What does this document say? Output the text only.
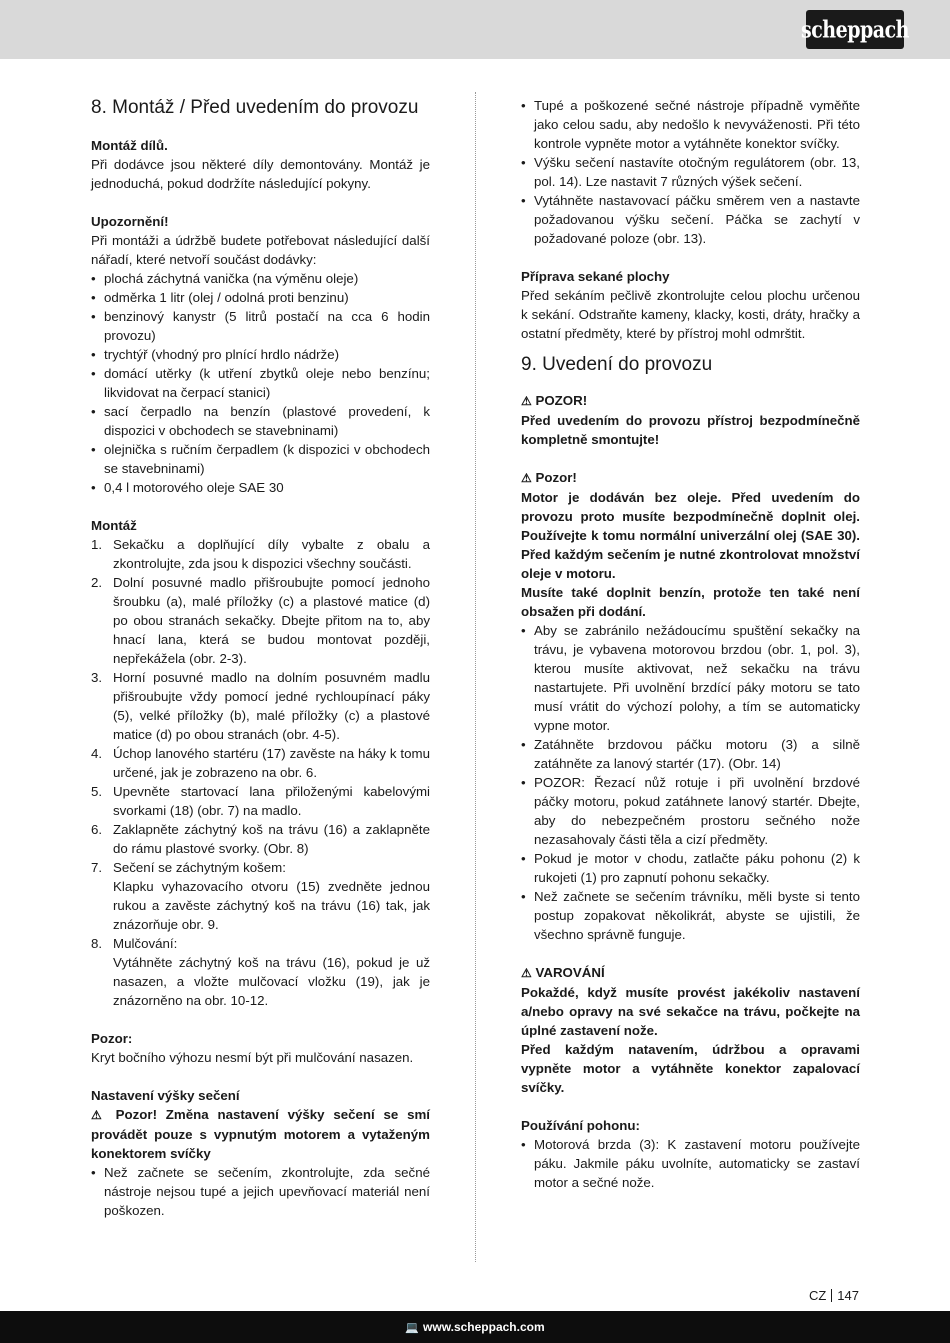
scheppach
8. Montáž / Před uvedením do provozu

Montáž dílů.

Při dodávce jsou některé díly demontovány. Montáž je jednoduchá, pokud dodržíte následující pokyny.

Upozornění!

Při montáži a údržbě budete potřebovat následující další nářadí, které netvoří součást dodávky:

• plochá záchytná vanička (na výměnu oleje)
• odměrka 1 litr (olej / odolná proti benzinu)
• benzinový kanystr (5 litrů postačí na cca 6 hodin provozu)
• trychtýř (vhodný pro plnící hrdlo nádrže)
• domácí utěrky (k utření zbytků oleje nebo benzínu; likvidovat na čerpací stanici)
• sací čerpadlo na benzín (plastové provedení, k dispozici v obchodech se stavebninami)
• olejnička s ručním čerpadlem (k dispozici v obchodech se stavebninami)
• 0,4 l motorového oleje SAE 30

Montáž

1. Sekačku a doplňující díly vybalte z obalu a zkontrolujte, zda jsou k dispozici všechny součásti.
2. Dolní posuvné madlo přišroubujte pomocí jednoho šroubku (a), malé příložky (c) a plastové matice (d) po obou stranách sekačky. Dbejte přitom na to, aby hnací lana, která se budou montovat později, nepřekážela (obr. 2-3).
3. Horní posuvné madlo na dolním posuvném madlu přišroubujte vždy pomocí jedné rychloupínací páky (5), velké příložky (b), malé příložky (c) a plastové matice (d) po obou stranách (obr. 4-5).
4. Úchop lanového startéru (17) zavěste na háky k tomu určené, jak je zobrazeno na obr. 6.
5. Upevněte startovací lana přiloženými kabelovými svorkami (18) (obr. 7) na madlo.
6. Zaklapněte záchytný koš na trávu (16) a zaklapněte do rámu plastové svorky. (Obr. 8)
7. Sečení se záchytným košem:
Klapku vyhazovacího otvoru (15) zvedněte jednou rukou a zavěste záchytný koš na trávu (16) tak, jak znázorňuje obr. 9.
8. Mulčování:
Vytáhněte záchytný koš na trávu (16), pokud je už nasazen, a vložte mulčovací vložku (19), jak je znázorněno na obr. 10-12.

Pozor:

Kryt bočního výhozu nesmí být při mulčování nasazen.

Nastavení výšky sečení

⚠ Pozor! Změna nastavení výšky sečení se smí provádět pouze s vypnutým motorem a vytaženým konektorem svíčky

• Než začnete se sečením, zkontrolujte, zda sečné nástroje nejsou tupé a jejich upevňovací materiál není poškozen.
• Tupé a poškozené sečné nástroje případně vyměňte jako celou sadu, aby nedošlo k nevyváženosti. Při této kontrole vypněte motor a vytáhněte konektor svíčky.
• Výšku sečení nastavíte otočným regulátorem (obr. 13, pol. 14). Lze nastavit 7 různých výšek sečení.
• Vytáhněte nastavovací páčku směrem ven a nastavte požadovanou výšku sečení. Páčka se zachytí v požadované poloze (obr. 13).

Příprava sekané plochy

Před sekáním pečlivě zkontrolujte celou plochu určenou k sekání. Odstraňte kameny, klacky, kosti, dráty, hračky a ostatní předměty, které by přístroj mohl odmrštit.

9. Uvedení do provozu

⚠ POZOR!

Před uvedením do provozu přístroj bezpodmínečně kompletně smontujte!

⚠ Pozor!

Motor je dodáván bez oleje. Před uvedením do provozu proto musíte bezpodmínečně doplnit olej. Používejte k tomu normální univerzální olej (SAE 30). Před každým sečením je nutné zkontrolovat množství oleje v motoru.

Musíte také doplnit benzín, protože ten také není obsažen při dodání.

• Aby se zabránilo nežádoucímu spuštění sekačky na trávu, je vybavena motorovou brzdou (obr. 1, pol. 3), kterou musíte aktivovat, než sekačku na trávu nastartujete. Při uvolnění brzdící páky motoru se tato musí vrátit do výchozí polohy, a tím se automaticky vypne motor.
• Zatáhněte brzdovou páčku motoru (3) a silně zatáhněte za lanový startér (17). (Obr. 14)
• POZOR: Řezací nůž rotuje i při uvolnění brzdové páčky motoru, pokud zatáhnete lanový startér. Dbejte, aby do nebezpečném prostoru sečného nože nezasahovaly části těla a cizí předměty.
• Pokud je motor v chodu, zatlačte páku pohonu (2) k rukojeti (1) pro zapnutí pohonu sekačky.
• Než začnete se sečením trávníku, měli byste si tento postup zopakovat několikrát, abyste se ujistili, že všechno správně funguje.

⚠ VAROVÁNÍ

Pokaždé, když musíte provést jakékoliv nastavení a/nebo opravy na své sekačce na trávu, počkejte na úplné zastavení nože.

Před každým natavením, údržbou a opravami vypněte motor a vytáhněte konektor zapalovací svíčky.

Používání pohonu:

• Motorová brzda (3): K zastavení motoru používejte páku. Jakmile páku uvolníte, automaticky se zastaví motor a sečné nože.
CZ 147
💻 www.scheppach.com
